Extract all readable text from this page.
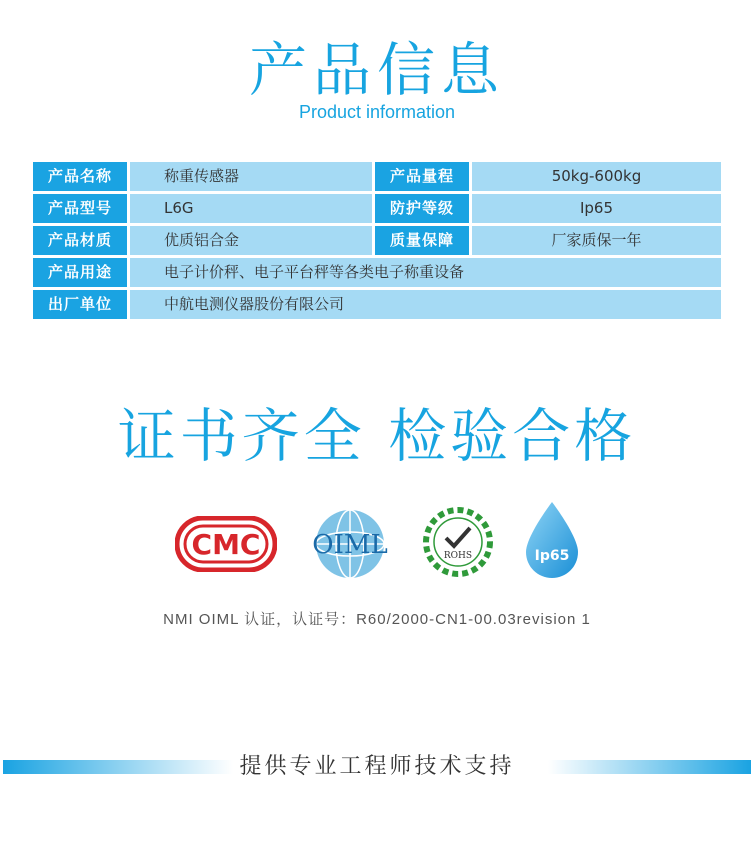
产品信息
Product information
产品名称	称重传感器	产品量程	50kg-600kg
产品型号	L6G	防护等级	Ip65
产品材质	优质铝合金	质量保障	厂家质保一年
产品用途	电子计价秤、电子平台秤等各类电子称重设备
出厂单位	中航电测仪器股份有限公司
证书齐全 检验合格
CMC OIML	ROHS	Ip65
NMI OIML 认证，认证号：R60/2000-CN1-00.03revision 1
提供专业工程师技术支持
